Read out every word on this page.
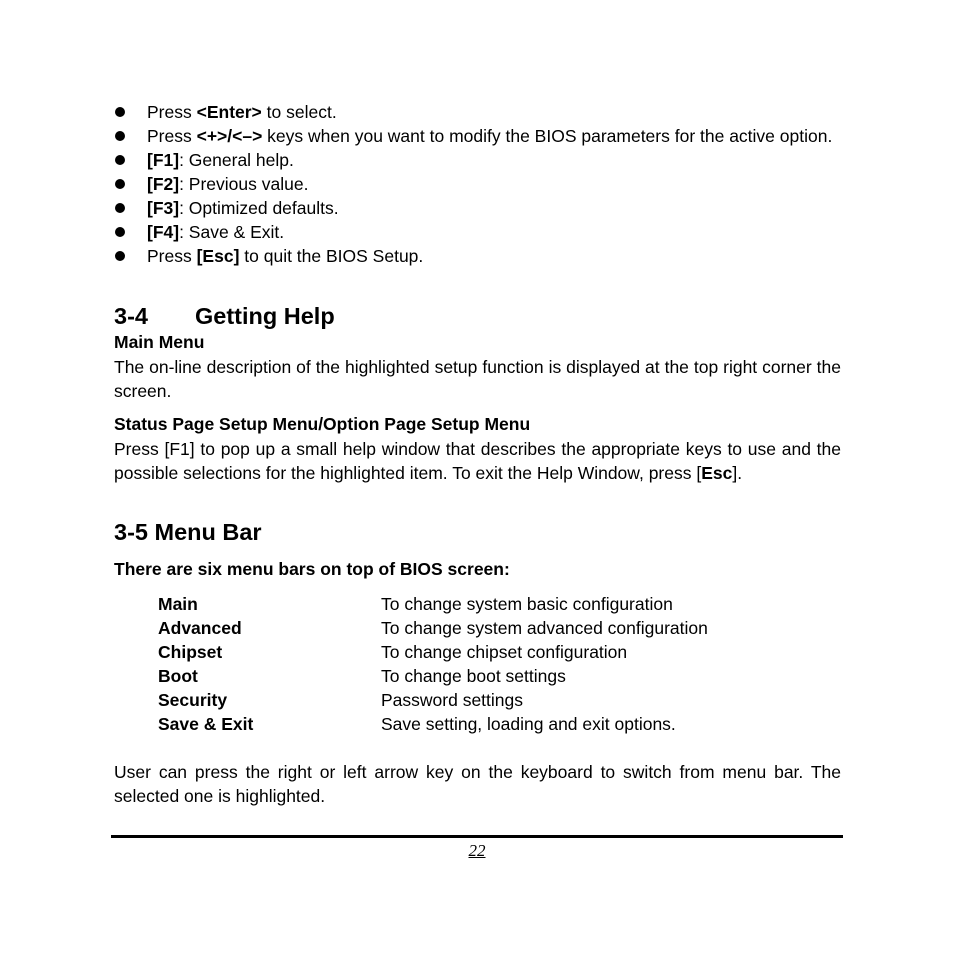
Press <Enter> to select.
Press <+>/<–> keys when you want to modify the BIOS parameters for the active option.
[F1]: General help.
[F2]: Previous value.
[F3]: Optimized defaults.
[F4]: Save & Exit.
Press [Esc] to quit the BIOS Setup.
3-4 Getting Help
Main Menu
The on-line description of the highlighted setup function is displayed at the top right corner the screen.
Status Page Setup Menu/Option Page Setup Menu
Press [F1] to pop up a small help window that describes the appropriate keys to use and the possible selections for the highlighted item. To exit the Help Window, press [Esc].
3-5 Menu Bar
There are six menu bars on top of BIOS screen:
Main	To change system basic configuration
Advanced	To change system advanced configuration
Chipset	To change chipset configuration
Boot	To change boot settings
Security	Password settings
Save & Exit	Save setting, loading and exit options.
User can press the right or left arrow key on the keyboard to switch from menu bar. The selected one is highlighted.
22
